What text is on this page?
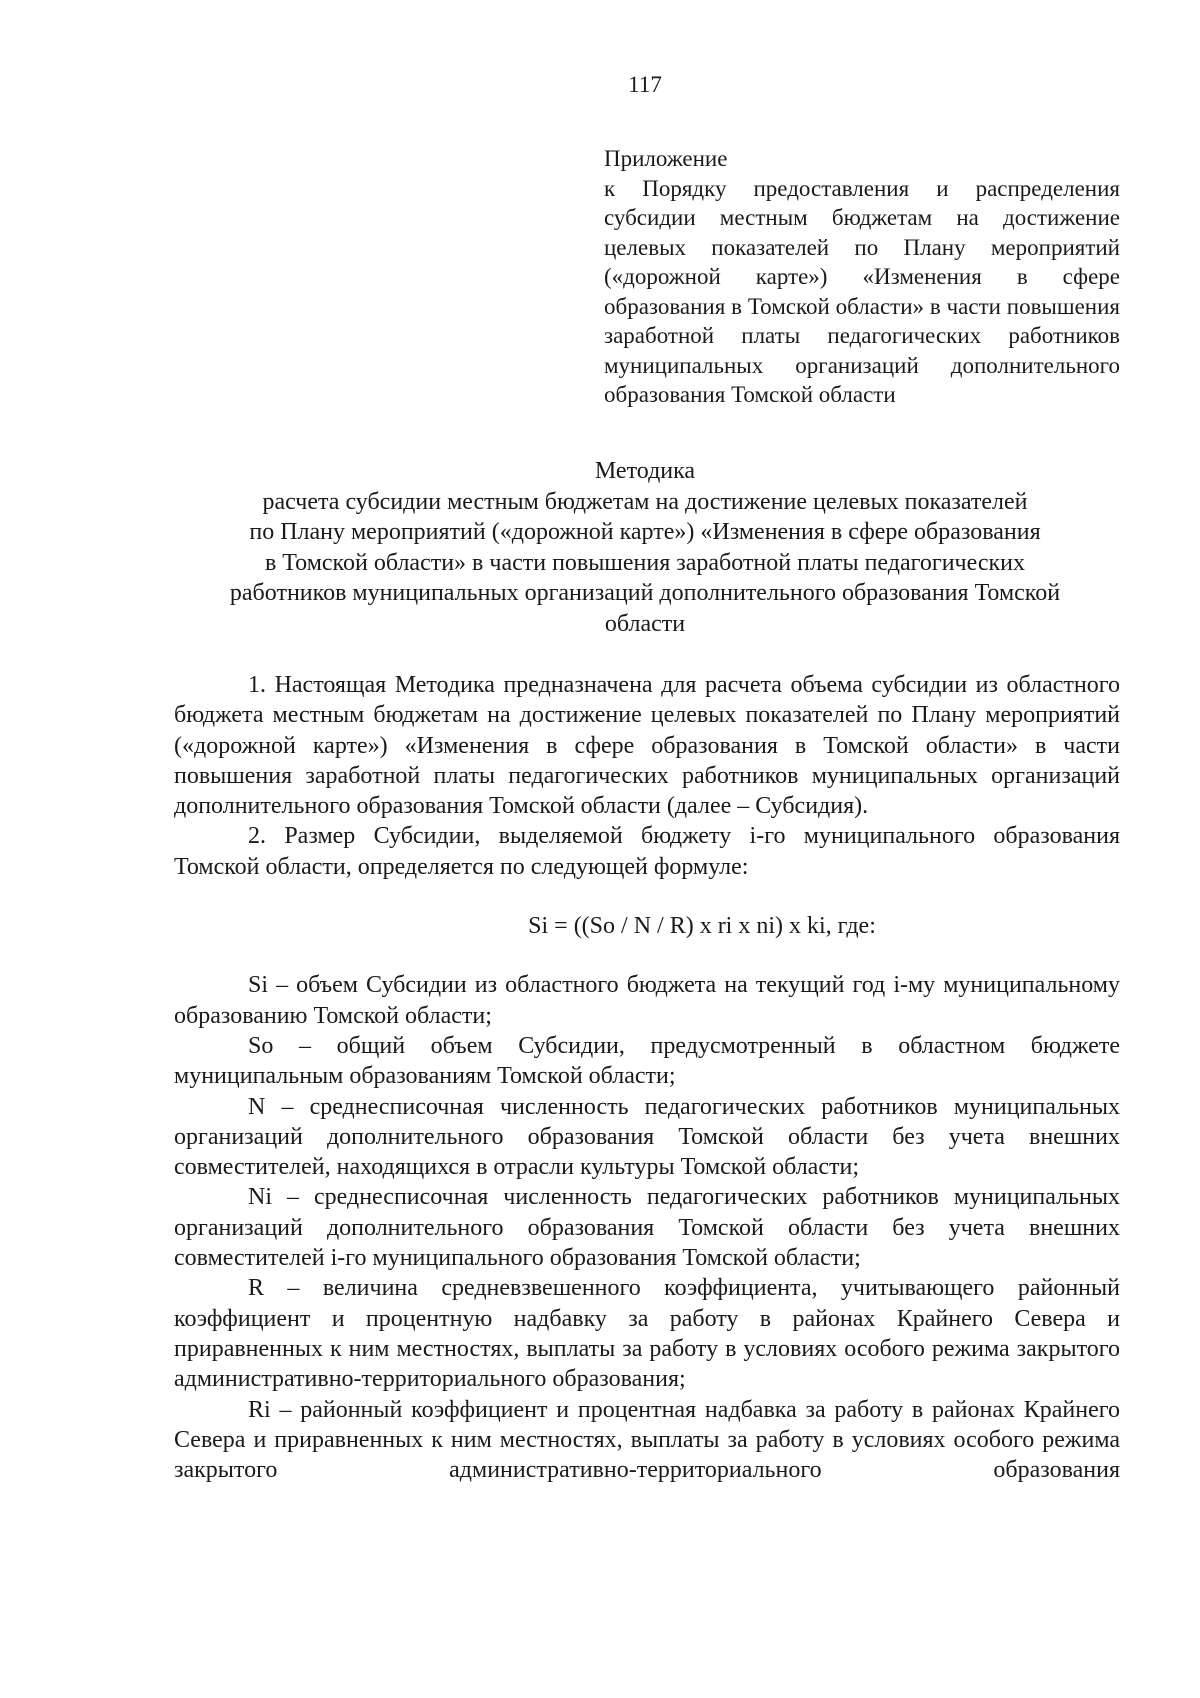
117
Приложение
к Порядку предоставления и распределения субсидии местным бюджетам на достижение целевых показателей по Плану мероприятий («дорожной карте») «Изменения в сфере образования в Томской области» в части повышения заработной платы педагогических работников муниципальных организаций дополнительного образования Томской области
Методика
расчета субсидии местным бюджетам на достижение целевых показателей
по Плану мероприятий («дорожной карте») «Изменения в сфере образования
в Томской области» в части повышения заработной платы педагогических
работников муниципальных организаций дополнительного образования Томской
области

1. Настоящая Методика предназначена для расчета объема субсидии из областного бюджета местным бюджетам на достижение целевых показателей по Плану мероприятий («дорожной карте») «Изменения в сфере образования в Томской области» в части повышения заработной платы педагогических работников муниципальных организаций дополнительного образования Томской области (далее – Субсидия).

2. Размер Субсидии, выделяемой бюджету i-го муниципального образования Томской области, определяется по следующей формуле:

Si = ((So / N / R) x ri x ni) x ki, где:

Si – объем Субсидии из областного бюджета на текущий год i-му муниципальному образованию Томской области;

So – общий объем Субсидии, предусмотренный в областном бюджете муниципальным образованиям Томской области;

N – среднесписочная численность педагогических работников муниципальных организаций дополнительного образования Томской области без учета внешних совместителей, находящихся в отрасли культуры Томской области;

Ni – среднесписочная численность педагогических работников муниципальных организаций дополнительного образования Томской области без учета внешних совместителей i-го муниципального образования Томской области;

R – величина средневзвешенного коэффициента, учитывающего районный коэффициент и процентную надбавку за работу в районах Крайнего Севера и приравненных к ним местностях, выплаты за работу в условиях особого режима закрытого административно-территориального образования;

Ri – районный коэффициент и процентная надбавка за работу в районах Крайнего Севера и приравненных к ним местностях, выплаты за работу в условиях особого режима закрытого административно-территориального образования
